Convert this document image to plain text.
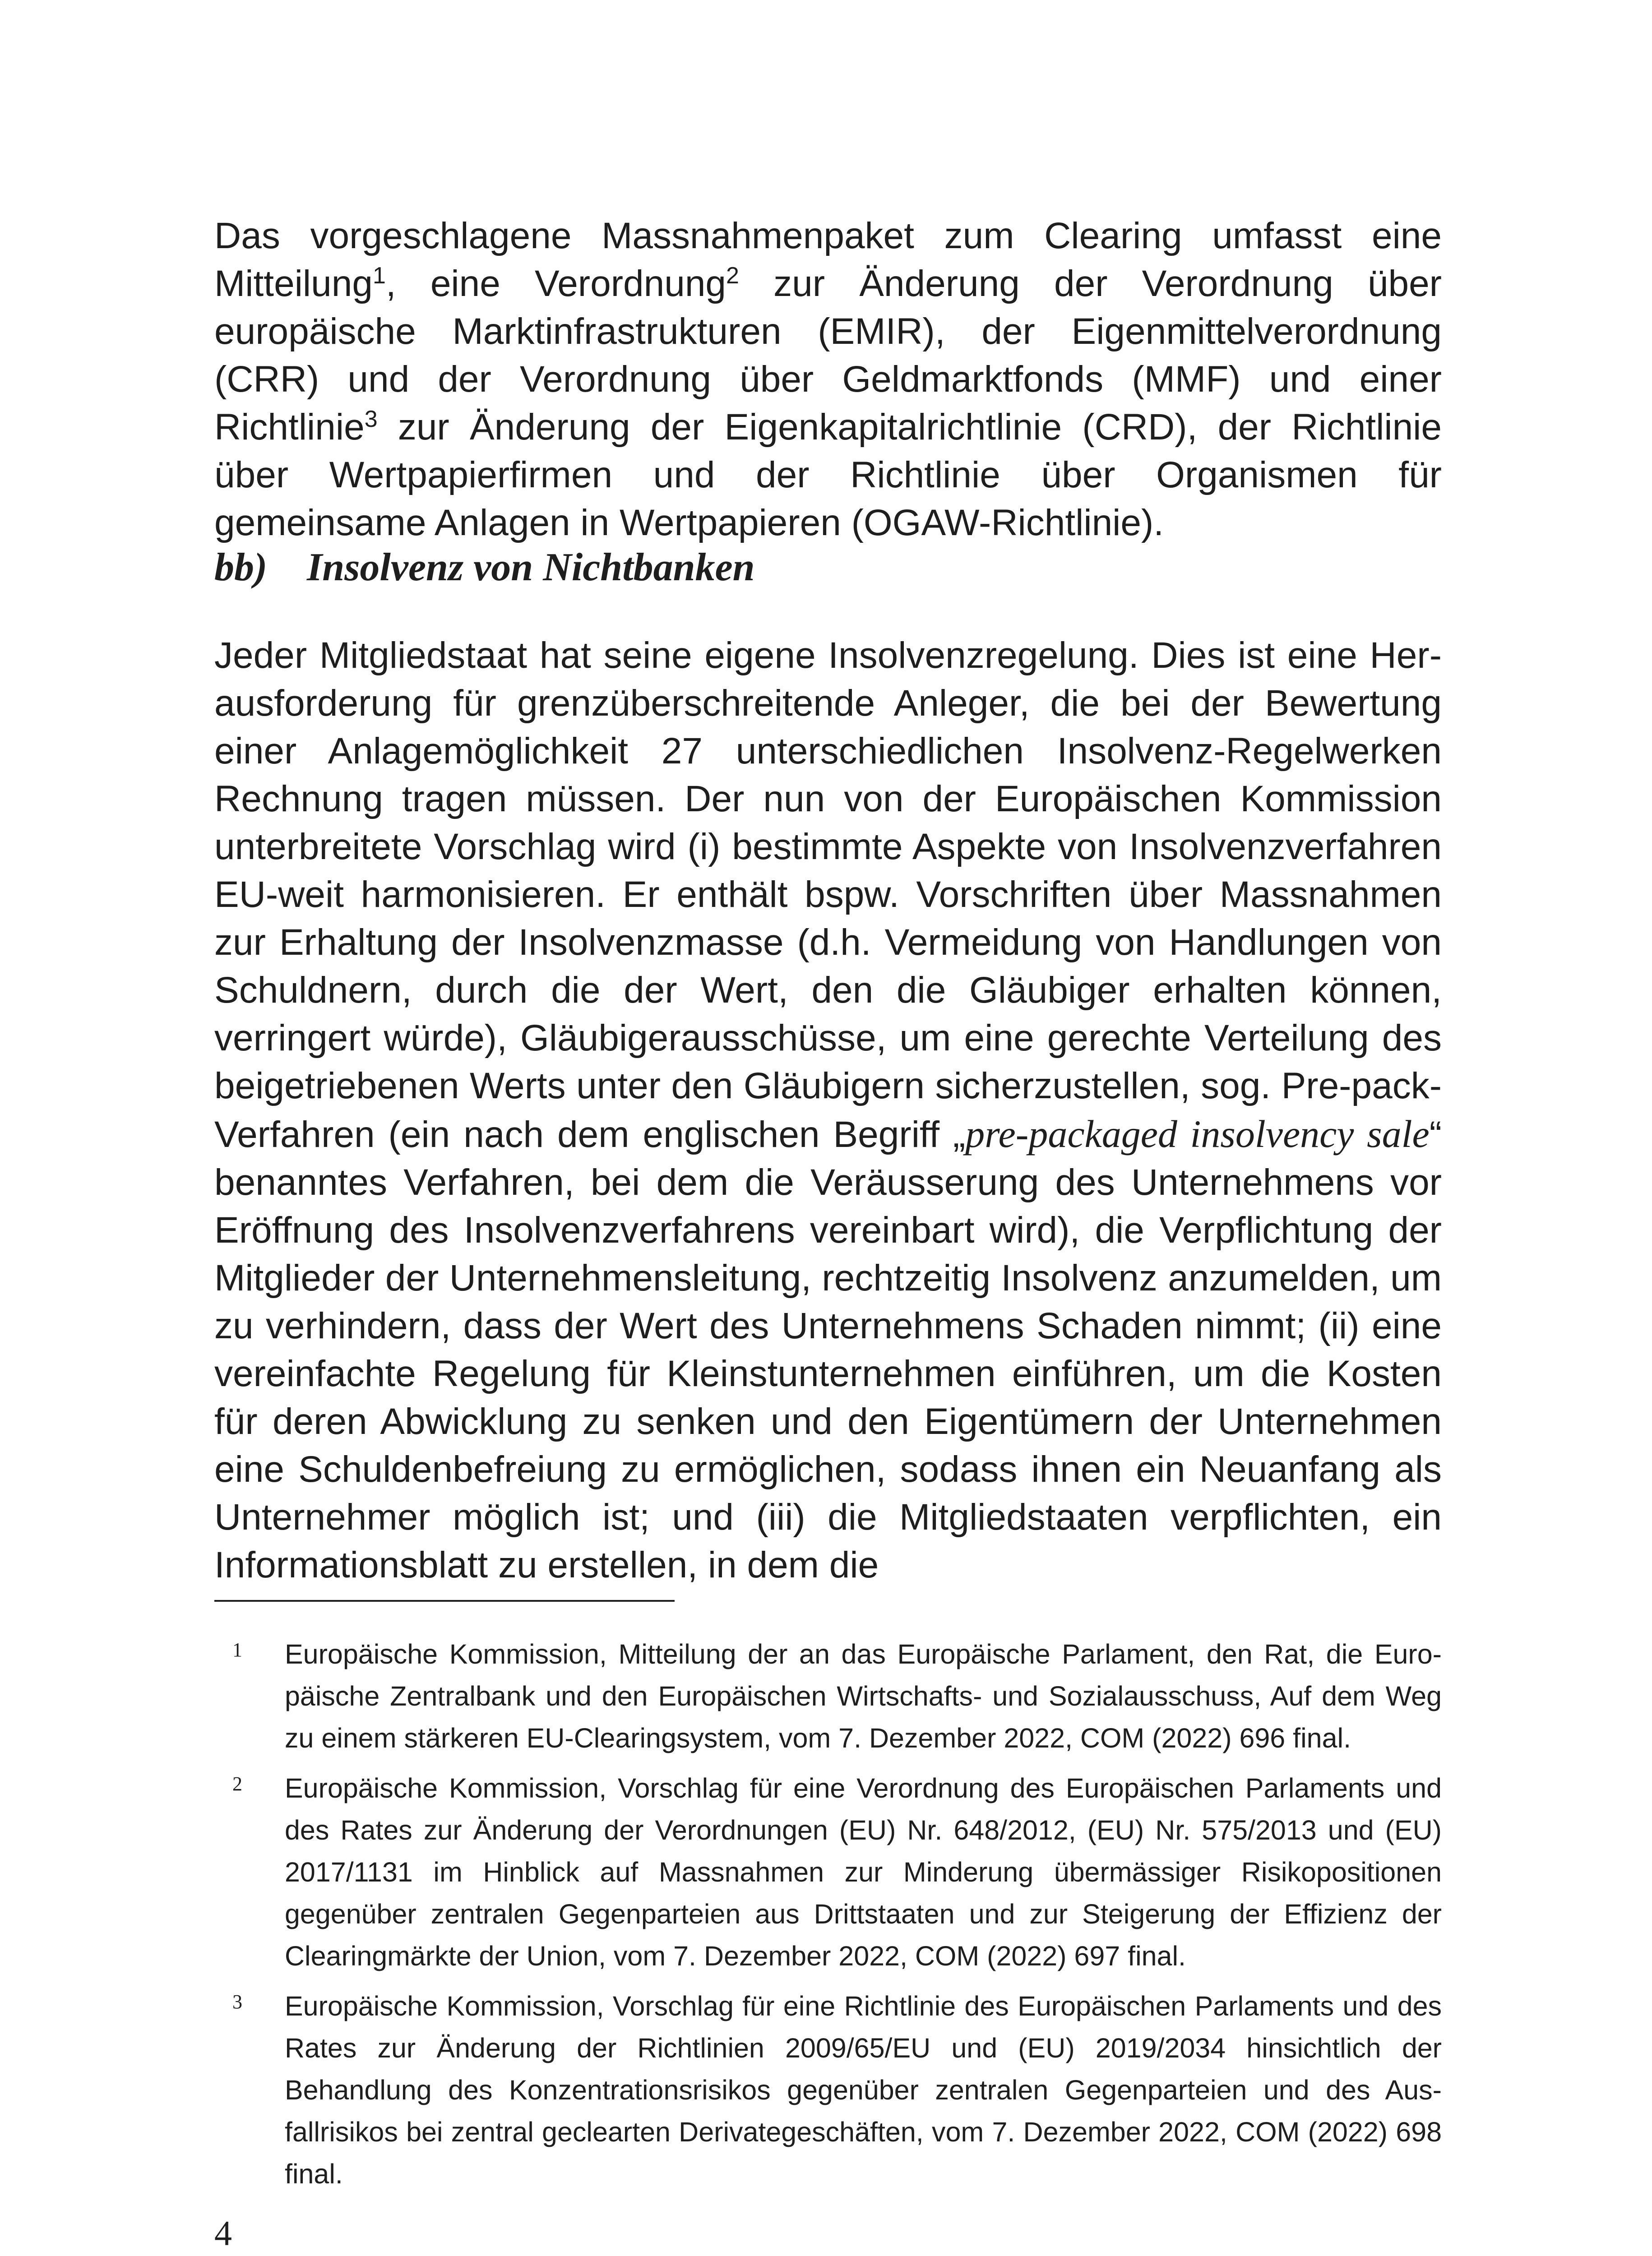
Das vorgeschlagene Massnahmenpaket zum Clearing umfasst eine Mitteilung$^1$, eine Verordnung$^2$ zur Änderung der Verordnung über europäische Marktinfrastrukturen (EMIR), der Eigenmittelverordnung (CRR) und der Verordnung über Geldmarktfonds (MMF) und einer Richtlinie$^3$ zur Änderung der Eigenkapitalrichtlinie (CRD), der Richtlinie über Wertpapierfirmen und der Richtlinie über Organismen für gemeinsame Anlagen in Wertpapieren (OGAW-Richtlinie).

bb) Insolvenz von Nichtbanken

Jeder Mitgliedstaat hat seine eigene Insolvenzregelung. Dies ist eine Herausforderung für grenzüberschreitende Anleger, die bei der Bewertung einer Anlagemöglichkeit 27 unterschiedlichen Insolvenz-Regelwerken Rechnung tragen müssen. Der nun von der Europäischen Kommission unterbreitete Vorschlag wird (i) bestimmte Aspekte von Insolvenzverfahren EU-weit harmonisieren. Er enthält bspw. Vorschriften über Massnahmen zur Erhaltung der Insolvenzmasse (d.h. Vermeidung von Handlungen von Schuldnern, durch die der Wert, den die Gläubiger erhalten können, verringert würde), Gläubigerausschüsse, um eine gerechte Verteilung des beigetriebenen Werts unter den Gläubigern sicherzustellen, sog. Pre-pack-Verfahren (ein nach dem englischen Begriff „pre-packaged insolvency sale“ benanntes Verfahren, bei dem die Veräusserung des Unternehmens vor Eröffnung des Insolvenzverfahrens vereinbart wird), die Verpflichtung der Mitglieder der Unternehmensleitung, rechtzeitig Insolvenz anzumelden, um zu verhindern, dass der Wert des Unternehmens Schaden nimmt; (ii) eine vereinfachte Regelung für Kleinstunternehmen einführen, um die Kosten für deren Abwicklung zu senken und den Eigentümern der Unternehmen eine Schuldenbefreiung zu ermöglichen, sodass ihnen ein Neuanfang als Unternehmer möglich ist; und (iii) die Mitgliedstaaten verpflichten, ein Informationsblatt zu erstellen, in dem die

1 Europäische Kommission, Mitteilung der an das Europäische Parlament, den Rat, die Europäische Zentralbank und den Europäischen Wirtschafts- und Sozialausschuss, Auf dem Weg zu einem stärkeren EU-Clearingsystem, vom 7. Dezember 2022, COM (2022) 696 final.
2 Europäische Kommission, Vorschlag für eine Verordnung des Europäischen Parlaments und des Rates zur Änderung der Verordnungen (EU) Nr. 648/2012, (EU) Nr. 575/2013 und (EU) 2017/1131 im Hinblick auf Massnahmen zur Minderung übermässiger Risikopositionen gegenüber zentralen Gegenparteien aus Drittstaaten und zur Steigerung der Effizienz der Clearingmärkte der Union, vom 7. Dezember 2022, COM (2022) 697 final.
3 Europäische Kommission, Vorschlag für eine Richtlinie des Europäischen Parlaments und des Rates zur Änderung der Richtlinien 2009/65/EU und (EU) 2019/2034 hinsichtlich der Behandlung des Konzentrationsrisikos gegenüber zentralen Gegenparteien und des Ausfallrisikos bei zentral geclearten Derivategeschäften, vom 7. Dezember 2022, COM (2022) 698 final.
4
